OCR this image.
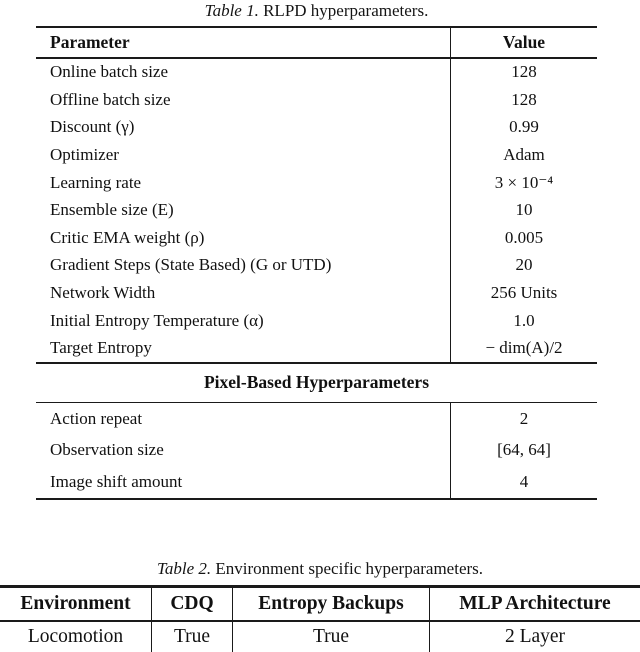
Table 1. RLPD hyperparameters.
Parameter	Value
Online batch size	128
Offline batch size	128
Discount (γ)	0.99
Optimizer	Adam
Learning rate	3 × 10⁻⁴
Ensemble size (E)	10
Critic EMA weight (ρ)	0.005
Gradient Steps (State Based) (G or UTD)	20
Network Width	256 Units
Initial Entropy Temperature (α)	1.0
Target Entropy	− dim(A)/2
Pixel-Based Hyperparameters
Action repeat	2
Observation size	[64, 64]
Image shift amount	4
Table 2. Environment specific hyperparameters.
Environment	CDQ	Entropy Backups	MLP Architecture
Locomotion	True	True	2 Layer
